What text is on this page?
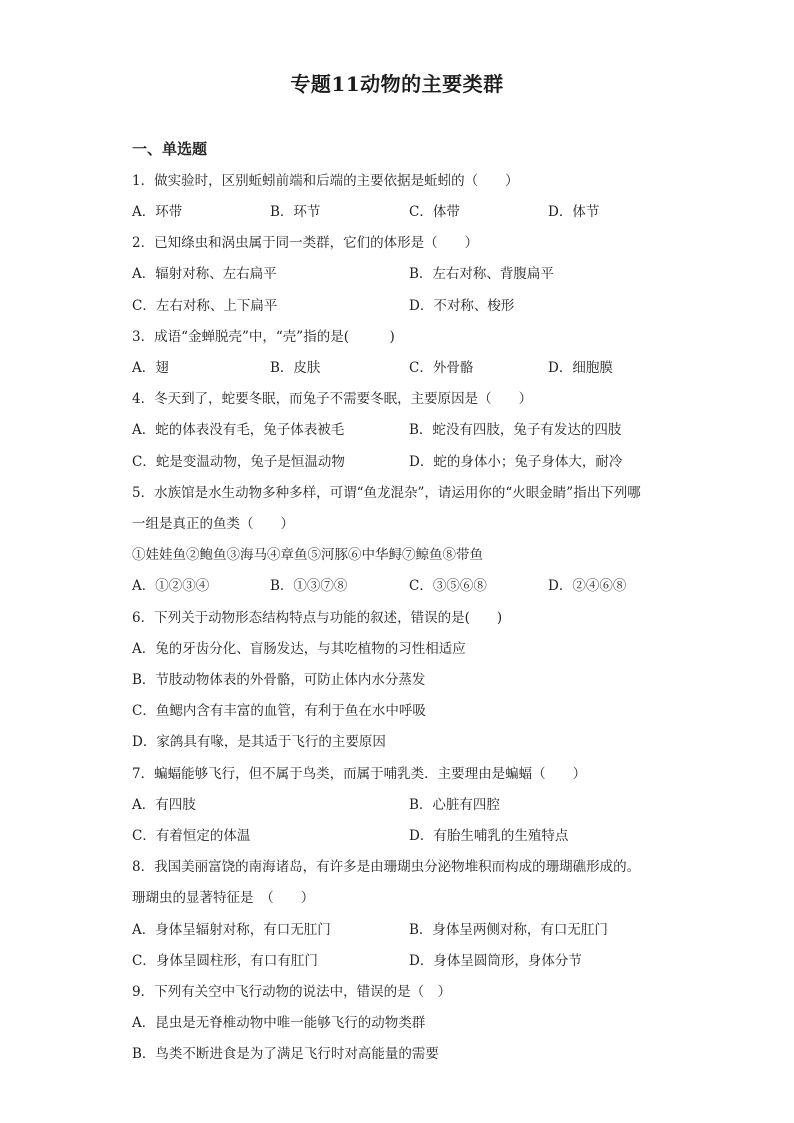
专题11动物的主要类群
一、单选题
1．做实验时，区别蚯蚓前端和后端的主要依据是蚯蚓的（　　）
A．环带	B．环节	C．体带	D．体节
2．已知绦虫和涡虫属于同一类群，它们的体形是（　　）
A．辐射对称、左右扁平	B．左右对称、背腹扁平
C．左右对称、上下扁平	D．不对称、梭形
3．成语“金蝉脱壳”中，“壳”指的是(　　　)
A．翅	B．皮肤	C．外骨骼	D．细胞膜
4．冬天到了，蛇要冬眠，而兔子不需要冬眠，主要原因是（　　）
A．蛇的体表没有毛，兔子体表被毛	B．蛇没有四肢，兔子有发达的四肢
C．蛇是变温动物，兔子是恒温动物	D．蛇的身体小；兔子身体大，耐冷
5．水族馆是水生动物多种多样，可谓“鱼龙混杂”，请运用你的“火眼金睛”指出下列哪
一组是真正的鱼类（　　）
①娃娃鱼②鲍鱼③海马④章鱼⑤河豚⑥中华鲟⑦鲸鱼⑧带鱼
A．①②③④	B．①③⑦⑧	C．③⑤⑥⑧	D．②④⑥⑧
6．下列关于动物形态结构特点与功能的叙述，错误的是(　　)
A．兔的牙齿分化、盲肠发达，与其吃植物的习性相适应
B．节肢动物体表的外骨骼，可防止体内水分蒸发
C．鱼鳃内含有丰富的血管，有利于鱼在水中呼吸
D．家鸽具有喙，是其适于飞行的主要原因
7．蝙蝠能够飞行，但不属于鸟类，而属于哺乳类．主要理由是蝙蝠（　　）
A．有四肢	B．心脏有四腔
C．有着恒定的体温	D．有胎生哺乳的生殖特点
8．我国美丽富饶的南海诸岛，有许多是由珊瑚虫分泌物堆积而构成的珊瑚礁形成的。
珊瑚虫的显著特征是　（　　）
A．身体呈辐射对称，有口无肛门	B．身体呈两侧对称，有口无肛门
C．身体呈圆柱形，有口有肛门	D．身体呈圆筒形，身体分节
9．下列有关空中飞行动物的说法中，错误的是（　）
A．昆虫是无脊椎动物中唯一能够飞行的动物类群
B．鸟类不断进食是为了满足飞行时对高能量的需要
